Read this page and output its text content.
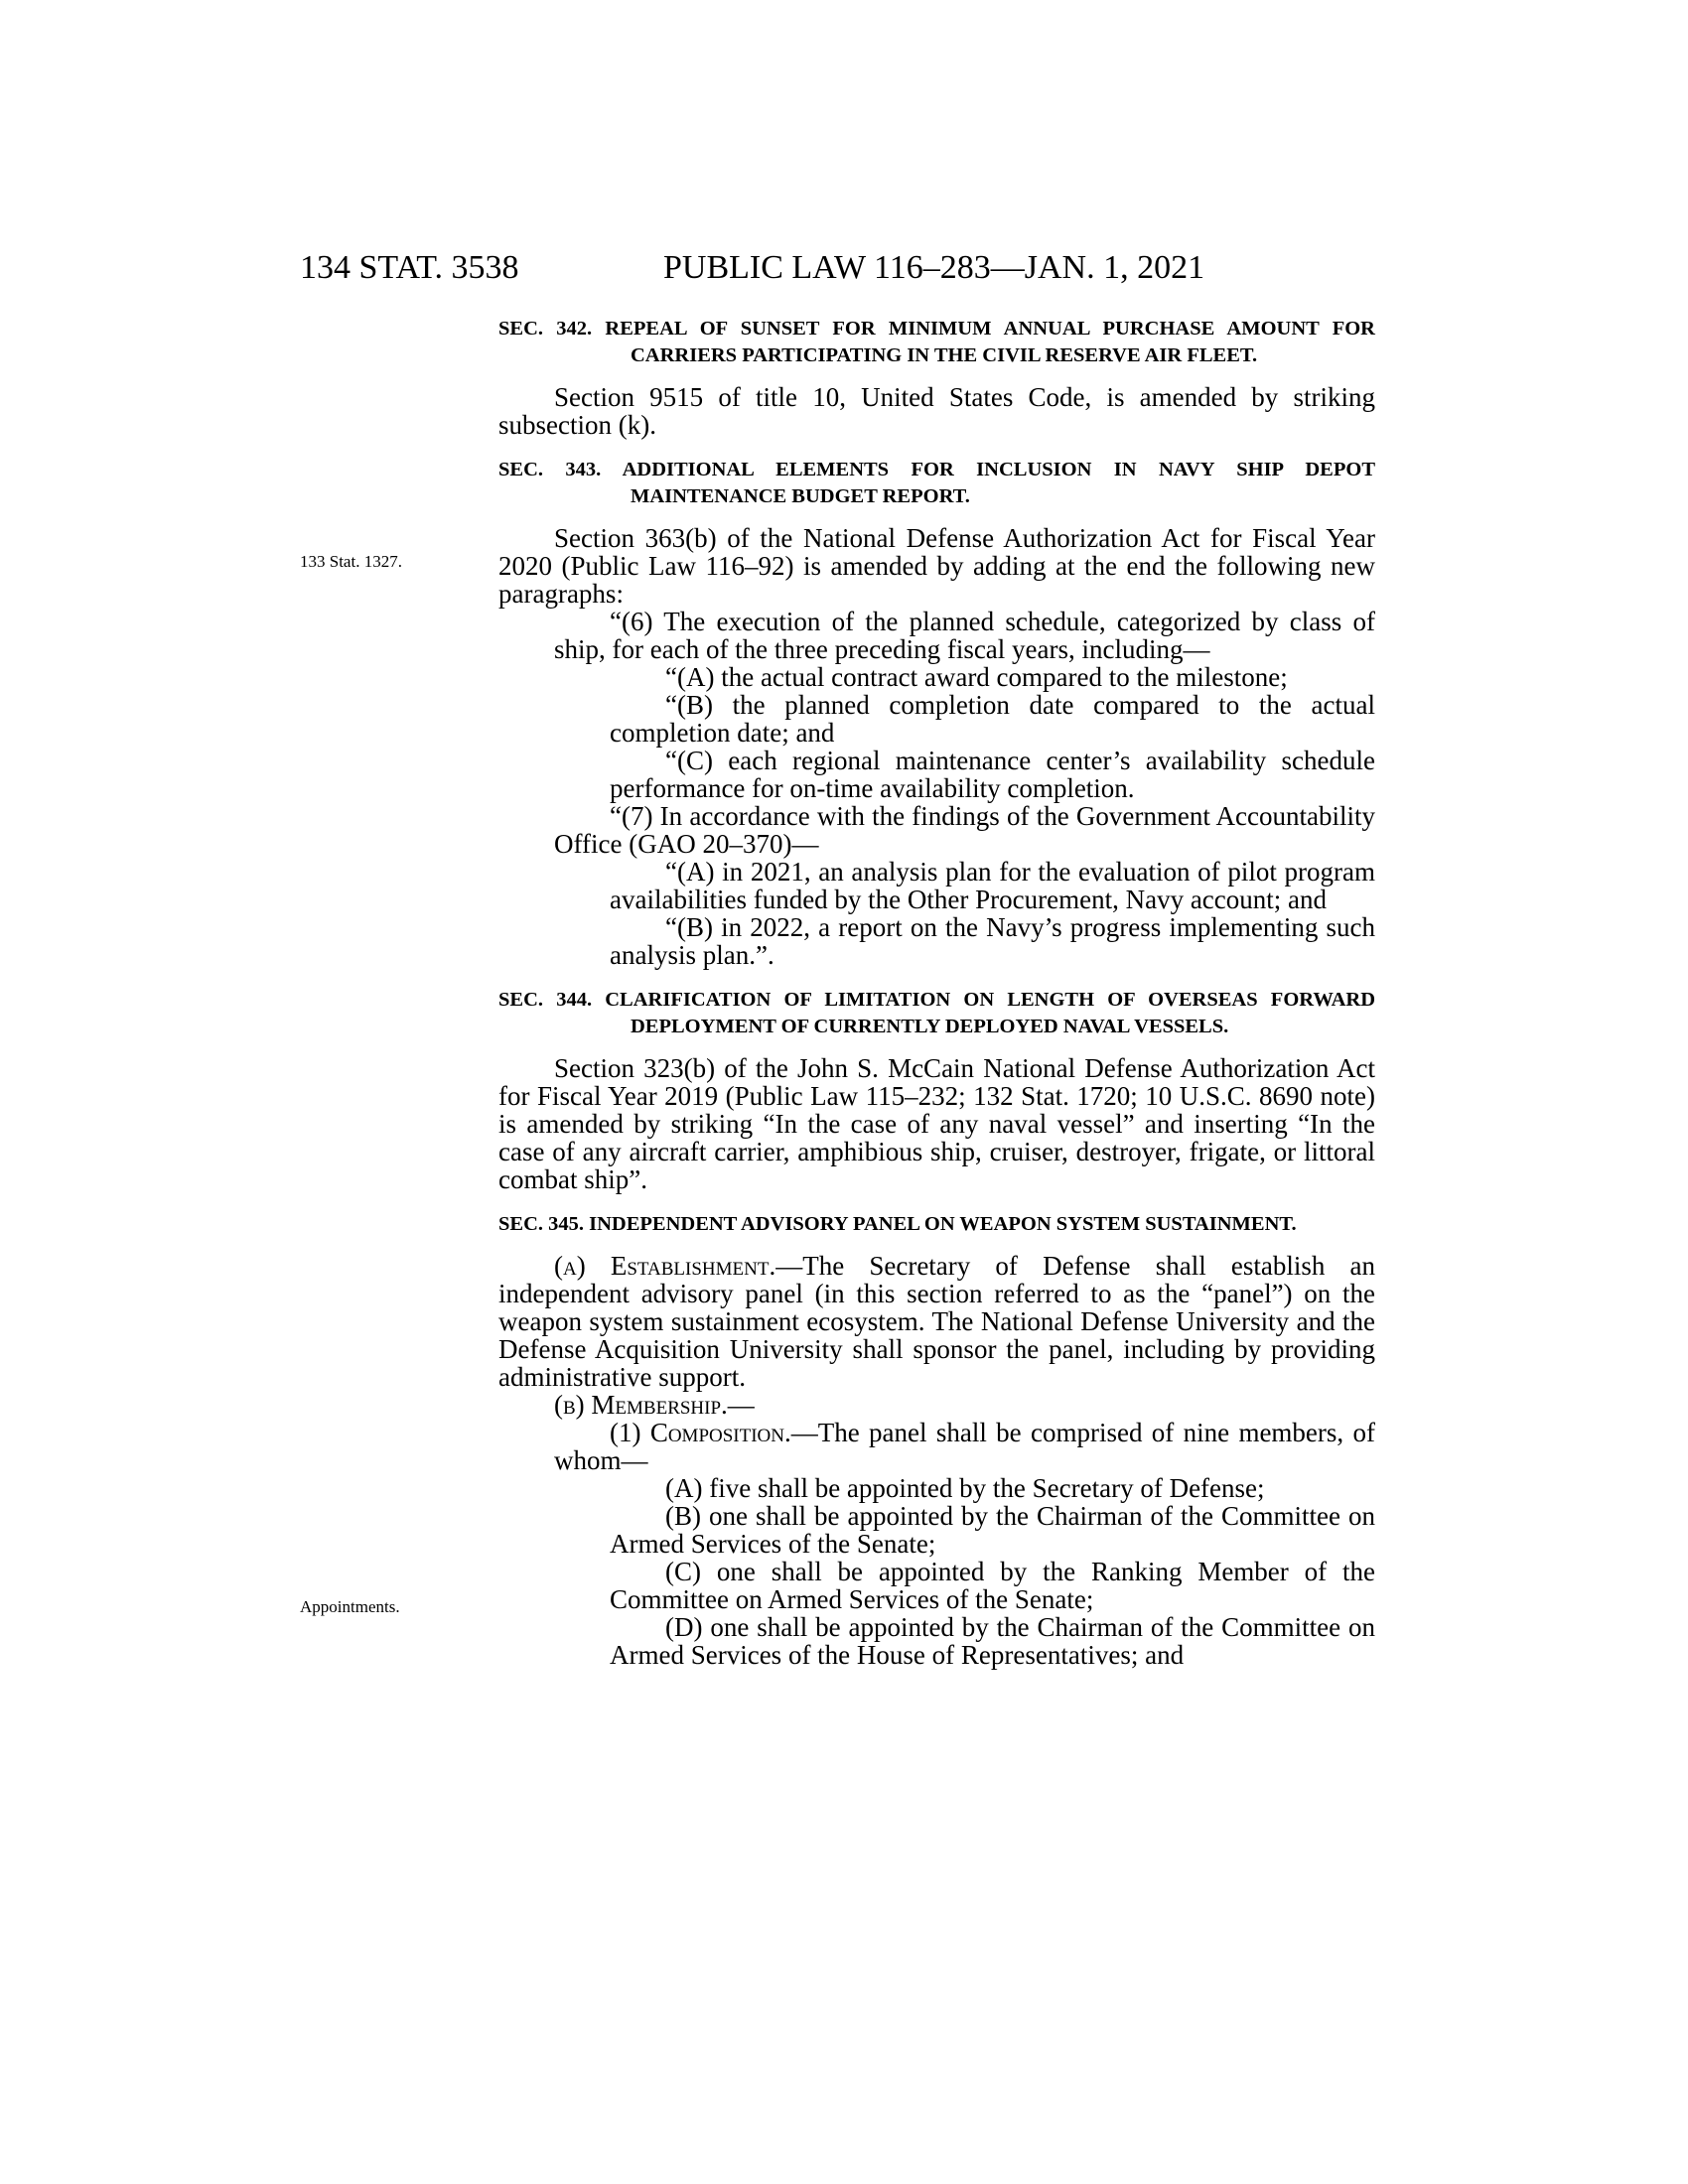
134 STAT. 3538	PUBLIC LAW 116–283—JAN. 1, 2021
133 Stat. 1327.
Appointments.

SEC. 342. REPEAL OF SUNSET FOR MINIMUM ANNUAL PURCHASE AMOUNT FOR CARRIERS PARTICIPATING IN THE CIVIL RESERVE AIR FLEET.

Section 9515 of title 10, United States Code, is amended by striking subsection (k).

SEC. 343. ADDITIONAL ELEMENTS FOR INCLUSION IN NAVY SHIP DEPOT MAINTENANCE BUDGET REPORT.

Section 363(b) of the National Defense Authorization Act for Fiscal Year 2020 (Public Law 116–92) is amended by adding at the end the following new paragraphs:

“(6) The execution of the planned schedule, categorized by class of ship, for each of the three preceding fiscal years, including—

“(A) the actual contract award compared to the milestone;

“(B) the planned completion date compared to the actual completion date; and

“(C) each regional maintenance center’s availability schedule performance for on-time availability completion.

“(7) In accordance with the findings of the Government Accountability Office (GAO 20–370)—

“(A) in 2021, an analysis plan for the evaluation of pilot program availabilities funded by the Other Procurement, Navy account; and

“(B) in 2022, a report on the Navy’s progress implementing such analysis plan.”.

SEC. 344. CLARIFICATION OF LIMITATION ON LENGTH OF OVERSEAS FORWARD DEPLOYMENT OF CURRENTLY DEPLOYED NAVAL VESSELS.

Section 323(b) of the John S. McCain National Defense Authorization Act for Fiscal Year 2019 (Public Law 115–232; 132 Stat. 1720; 10 U.S.C. 8690 note) is amended by striking “In the case of any naval vessel” and inserting “In the case of any aircraft carrier, amphibious ship, cruiser, destroyer, frigate, or littoral combat ship”.

SEC. 345. INDEPENDENT ADVISORY PANEL ON WEAPON SYSTEM SUSTAINMENT.

(a) Establishment.—The Secretary of Defense shall establish an independent advisory panel (in this section referred to as the “panel”) on the weapon system sustainment ecosystem. The National Defense University and the Defense Acquisition University shall sponsor the panel, including by providing administrative support.

(b) Membership.—

(1) Composition.—The panel shall be comprised of nine members, of whom—

(A) five shall be appointed by the Secretary of Defense;

(B) one shall be appointed by the Chairman of the Committee on Armed Services of the Senate;

(C) one shall be appointed by the Ranking Member of the Committee on Armed Services of the Senate;

(D) one shall be appointed by the Chairman of the Committee on Armed Services of the House of Representatives; and
